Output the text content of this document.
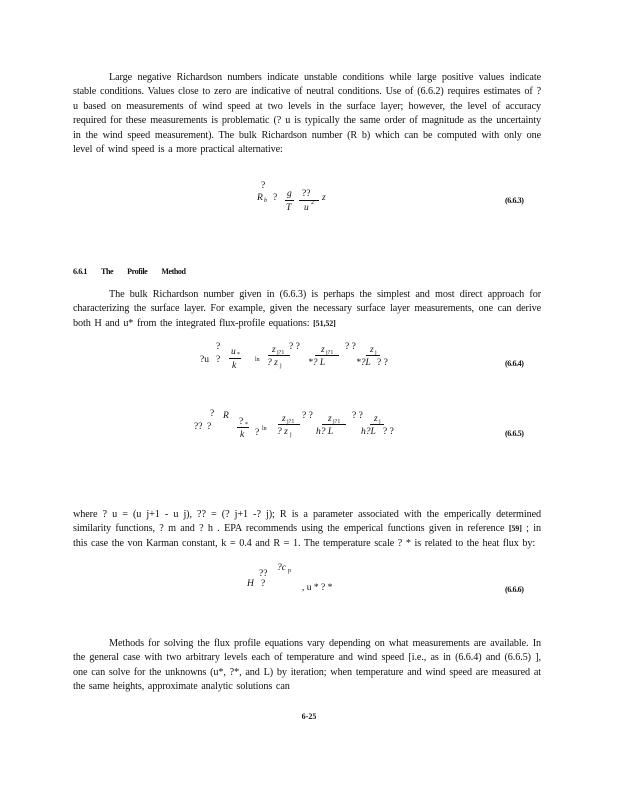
Large negative Richardson numbers indicate unstable conditions while large positive values indicate stable conditions. Values close to zero are indicative of neutral conditions. Use of (6.6.2) requires estimates of ? u based on measurements of wind speed at two levels in the surface layer; however, the level of accuracy required for these measurements is problematic (? u is typically the same order of magnitude as the uncertainty in the wind speed measurement). The bulk Richardson number (R b) which can be computed with only one level of wind speed is a more practical alternative:

?
R b ? g
T
??
u 2 z	(6.6.3)
6.6.1 The Profile Method

The bulk Richardson number given in (6.6.3) is perhaps the simplest and most direct approach for characterizing the surface layer. For example, given the necessary surface layer measurements, one can derive both H and u* from the integrated flux-profile equations: [51,52]

?
?u ?
u *
k
ln
z j?1
? z j
? ? z j?1
*? L
? ? z j
*?L ? ?	(6.6.4)
? R
?? ?	? *
k ? ln
z j?1
? z j
? ? z j?1
h? L
? ? z j
h?L ? ?	(6.6.5)

where ? u = (u j+1 - u j), ?? = (? j+1 -? j); R is a parameter associated with the emperically determined similarity functions, ? m and ? h . EPA recommends using the emperical functions given in reference [59] ; in this case the von Karman constant, k = 0.4 and R = 1. The temperature scale ? * is related to the heat flux by:

??
H ?
?c p
, u * ? *	(6.6.6)

Methods for solving the flux profile equations vary depending on what measurements are available. In the general case with two arbitrary levels each of temperature and wind speed [i.e., as in (6.6.4) and (6.6.5) ], one can solve for the unknowns (u*, ?*, and L) by iteration; when temperature and wind speed are measured at the same heights, approximate analytic solutions can

6-25
